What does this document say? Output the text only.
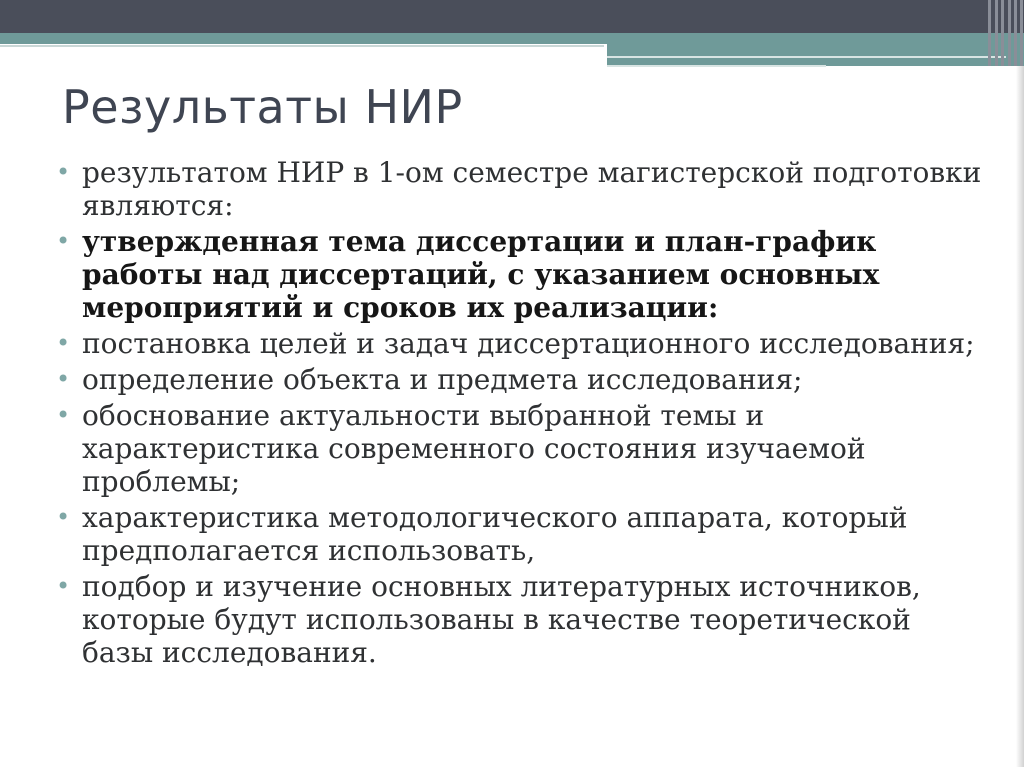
Результаты НИР
• результатом НИР в 1-ом семестре магистерской подготовки являются:
• утвержденная тема диссертации и план-график работы над диссертаций, с указанием основных мероприятий и сроков их реализации:
• постановка целей и задач диссертационного исследования;
• определение объекта и предмета исследования;
• обоснование актуальности выбранной темы и характеристика современного состояния изучаемой проблемы;
• характеристика методологического аппарата, который предполагается использовать,
• подбор и изучение основных литературных источников, которые будут использованы в качестве теоретической базы исследования.
